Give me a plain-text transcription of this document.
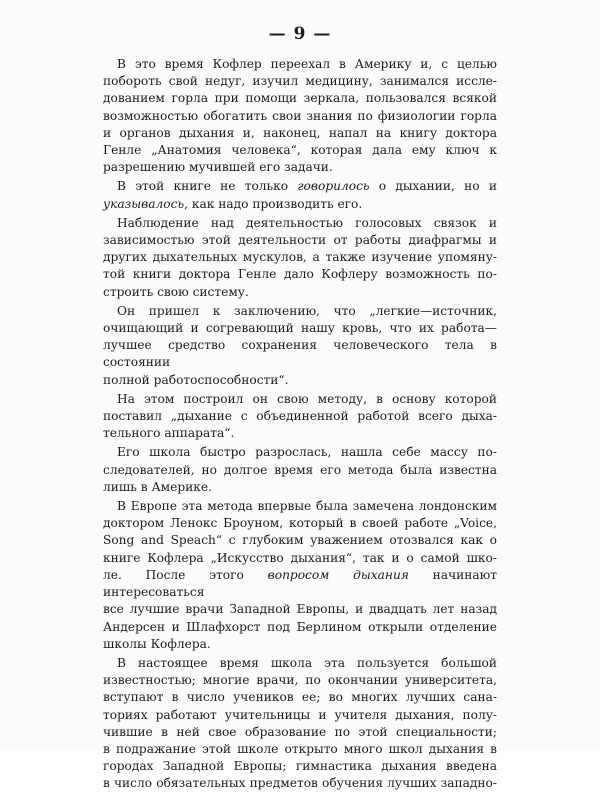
— 9 —
В это время Кофлер переехал в Америку и, с целью
побороть свой недуг, изучил медицину, занимался иссле-
дованием горла при помощи зеркала, пользовался всякой
возможностью обогатить свои знания по физиологии горла
и органов дыхания и, наконец, напал на книгу доктора
Генле „Анатомия человека“, которая дала ему ключ к
разрешению мучившей его задачи.
В этой книге не только говорилось о дыхании, но и
указывалось, как надо производить его.
Наблюдение над деятельностью голосовых связок и
зависимостью этой деятельности от работы диафрагмы и
других дыхательных мускулов, а также изучение упомяну-
той книги доктора Генле дало Кофлеру возможность по-
строить свою систему.
Он пришел к заключению, что „легкие—источник,
очищающий и согревающий нашу кровь, что их работа—
лучшее средство сохранения человеческого тела в состоянии
полной работоспособности“.
На этом построил он свою методу, в основу которой
поставил „дыхание с объединенной работой всего дыха-
тельного аппарата“.
Его школа быстро разрослась, нашла себе массу по-
следователей, но долгое время его метода была известна
лишь в Америке.
В Европе эта метода впервые была замечена лондонским
доктором Ленокс Броуном, который в своей работе „Voice,
Song and Speach“ с глубоким уважением отозвался как о
книге Кофлера „Искусство дыхания“, так и о самой шко-
ле. После этого вопросом дыхания начинают интересоваться
все лучшие врачи Западной Европы, и двадцать лет назад
Андерсен и Шлафхорст под Берлином открыли отделение
школы Кофлера.
В настоящее время школа эта пользуется большой
известностью; многие врачи, по окончании университета,
вступают в число учеников ее; во многих лучших сана-
ториях работают учительницы и учителя дыхания, полу-
чившие в ней свое образование по этой специальности;
в подражание этой школе открыто много школ дыхания в
городах Западной Европы; гимнастика дыхания введена
в число обязательных предметов обучения лучших западно-
